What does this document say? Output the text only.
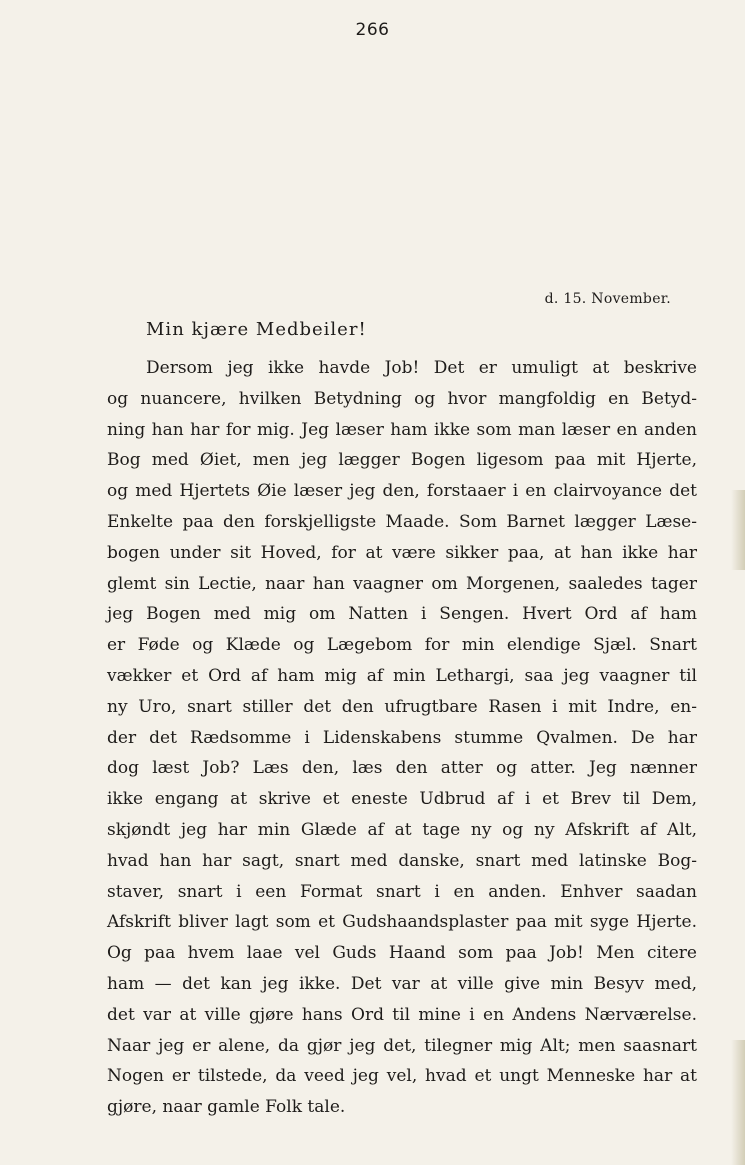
266
d. 15. November.
Min kjære Medbeiler!
Dersom jeg ikke havde Job! Det er umuligt at beskrive
og nuancere, hvilken Betydning og hvor mangfoldig en Betyd-
ning han har for mig. Jeg læser ham ikke som man læser en anden
Bog med Øiet, men jeg lægger Bogen ligesom paa mit Hjerte,
og med Hjertets Øie læser jeg den, forstaaer i en clairvoyance det
Enkelte paa den forskjelligste Maade. Som Barnet lægger Læse-
bogen under sit Hoved, for at være sikker paa, at han ikke har
glemt sin Lectie, naar han vaagner om Morgenen, saaledes tager
jeg Bogen med mig om Natten i Sengen. Hvert Ord af ham
er Føde og Klæde og Lægebom for min elendige Sjæl. Snart
vækker et Ord af ham mig af min Lethargi, saa jeg vaagner til
ny Uro, snart stiller det den ufrugtbare Rasen i mit Indre, en-
der det Rædsomme i Lidenskabens stumme Qvalmen. De har
dog læst Job? Læs den, læs den atter og atter. Jeg nænner
ikke engang at skrive et eneste Udbrud af i et Brev til Dem,
skjøndt jeg har min Glæde af at tage ny og ny Afskrift af Alt,
hvad han har sagt, snart med danske, snart med latinske Bog-
staver, snart i een Format snart i en anden. Enhver saadan
Afskrift bliver lagt som et Gudshaandsplaster paa mit syge Hjerte.
Og paa hvem laae vel Guds Haand som paa Job! Men citere
ham — det kan jeg ikke. Det var at ville give min Besyv med,
det var at ville gjøre hans Ord til mine i en Andens Nærværelse.
Naar jeg er alene, da gjør jeg det, tilegner mig Alt; men saasnart
Nogen er tilstede, da veed jeg vel, hvad et ungt Menneske har at
gjøre, naar gamle Folk tale.
